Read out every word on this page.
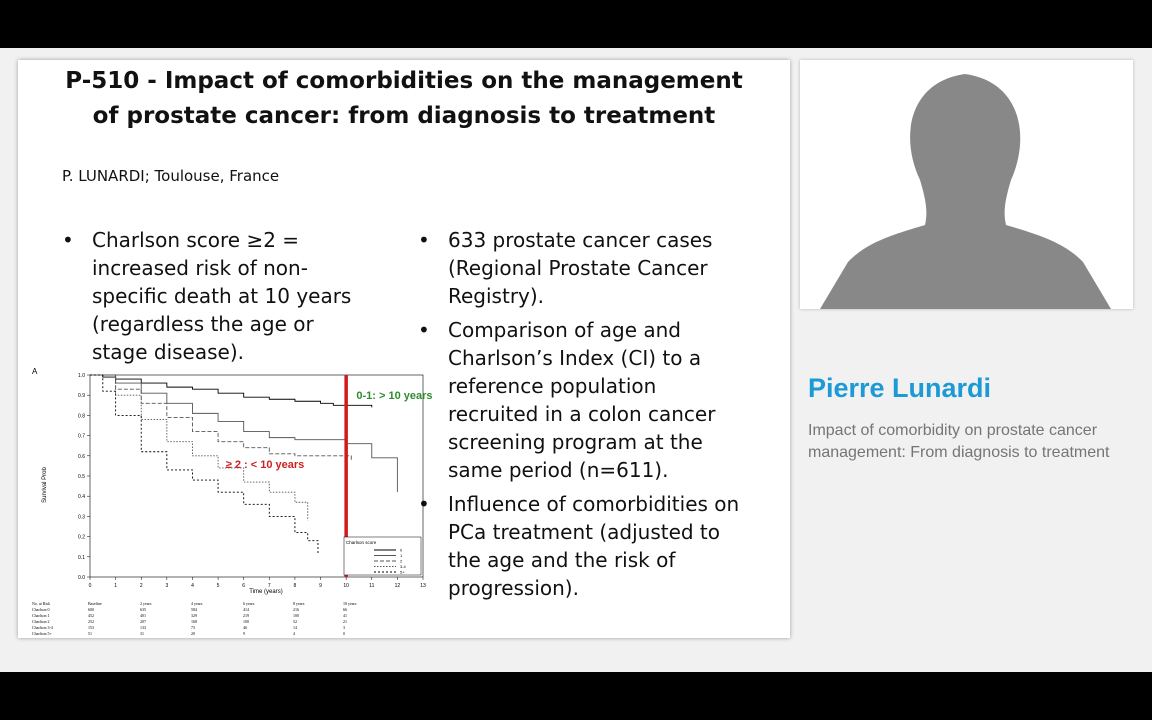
P-510 - Impact of comorbidities on the management
of prostate cancer: from diagnosis to treatment
P. LUNARDI; Toulouse, France
• Charlson score ≥2 = increased risk of non-specific death at 10 years (regardless the age or stage disease).
• 633 prostate cancer cases (Regional Prostate Cancer Registry).
• Comparison of age and Charlson’s Index (CI) to a reference population recruited in a colon cancer screening program at the same period (n=611).
• Influence of comorbidities on PCa treatment (adjusted to the age and the risk of progression).
A
Survival Prob
Time (years)
0	1	2	3	4	5	6	7	8	9	10	11	12	13
0.0
0.1
0.2
0.3
0.4
0.5
0.6
0.7
0.8
0.9
1.0
Charlson score
0
1
2
3-4
5+
0-1: > 10 years
≥ 2 : < 10 years
No. at Risk	Baseline	2 years	4 years	6 years	8 years	10 years
Charlson 0	600	635	584	414	216	66
Charlson 1	452	401	329	219	100	41
Charlson 2	252	207	168	100	52	21
Charlson 3-4	153	133	73	46	14	3
Charlson 5+	51	31	20	9	4	0
Pierre Lunardi
Impact of comorbidity on prostate cancer management: From diagnosis to treatment
